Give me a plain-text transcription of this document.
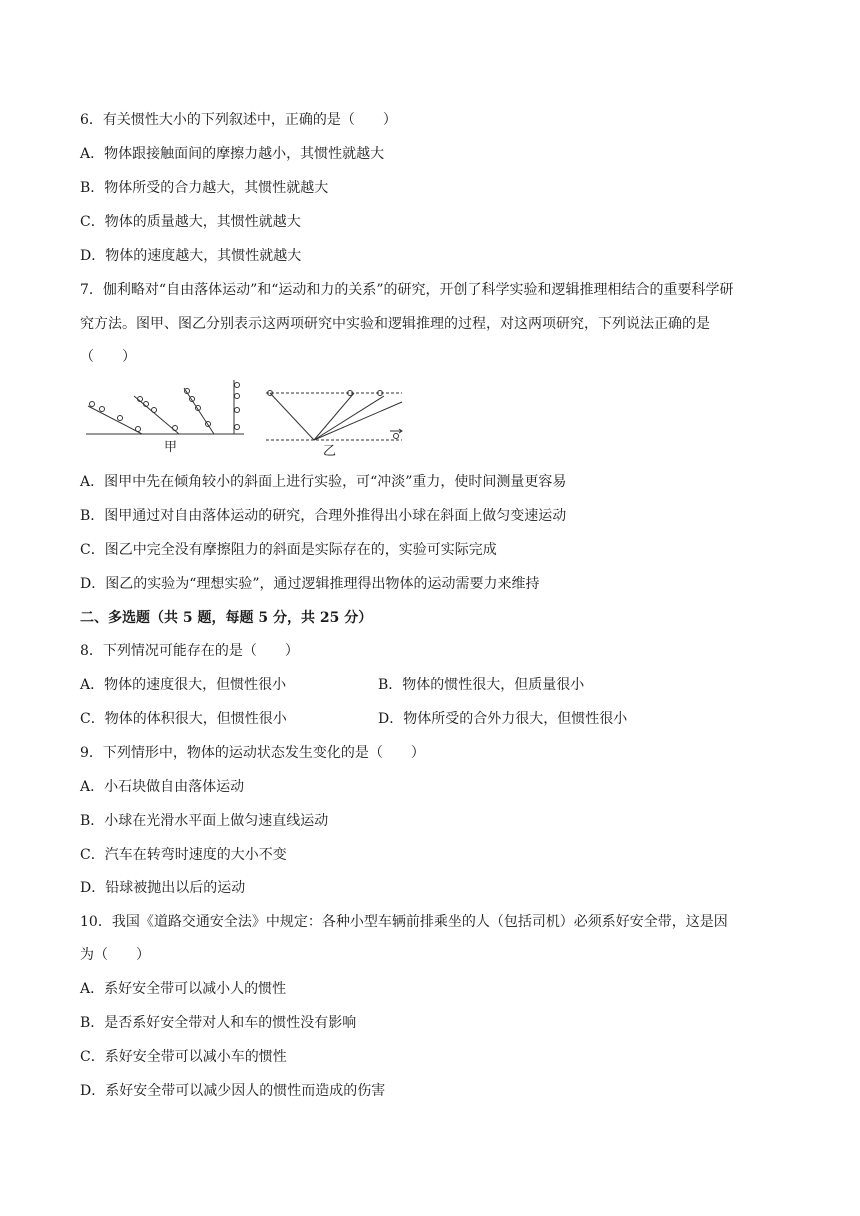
6．有关惯性大小的下列叙述中，正确的是（　　）
A．物体跟接触面间的摩擦力越小，其惯性就越大
B．物体所受的合力越大，其惯性就越大
C．物体的质量越大，其惯性就越大
D．物体的速度越大，其惯性就越大
7．伽利略对“自由落体运动”和“运动和力的关系”的研究，开创了科学实验和逻辑推理相结合的重要科学研
究方法。图甲、图乙分别表示这两项研究中实验和逻辑推理的过程，对这两项研究，下列说法正确的是
（　　）
甲	乙
A．图甲中先在倾角较小的斜面上进行实验，可“冲淡”重力，使时间测量更容易
B．图甲通过对自由落体运动的研究，合理外推得出小球在斜面上做匀变速运动
C．图乙中完全没有摩擦阻力的斜面是实际存在的，实验可实际完成
D．图乙的实验为“理想实验”，通过逻辑推理得出物体的运动需要力来维持
二、多选题（共 5 题，每题 5 分，共 25 分）
8．下列情况可能存在的是（　　）
A．物体的速度很大，但惯性很小	B．物体的惯性很大，但质量很小
C．物体的体积很大，但惯性很小	D．物体所受的合外力很大，但惯性很小
9．下列情形中，物体的运动状态发生变化的是（　　）
A．小石块做自由落体运动
B．小球在光滑水平面上做匀速直线运动
C．汽车在转弯时速度的大小不变
D．铅球被抛出以后的运动
10．我国《道路交通安全法》中规定：各种小型车辆前排乘坐的人（包括司机）必须系好安全带，这是因
为（　　）
A．系好安全带可以减小人的惯性
B．是否系好安全带对人和车的惯性没有影响
C．系好安全带可以减小车的惯性
D．系好安全带可以减少因人的惯性而造成的伤害
